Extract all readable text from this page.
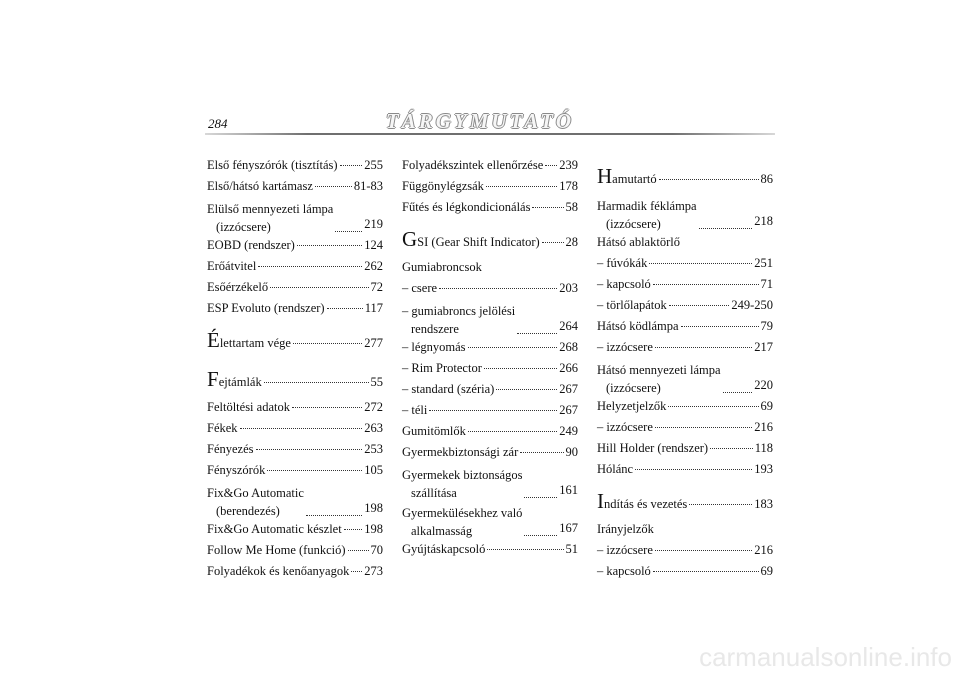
284	TÁRGYMUTATÓ
Első fényszórók (tisztítás) 255
Első/hátsó kartámasz	81-83
Elülső mennyezeti lámpa
(izzócsere)	219
EOBD (rendszer)	124
Erőátvitel	262
Esőérzékelő	72
ESP Evoluto (rendszer)	117
Élettartam vége	277
Fejtámlák	55
Feltöltési adatok	272
Fékek	263
Fényezés	253
Fényszórók	105
Fix&Go Automatic
(berendezés)	198
Fix&Go Automatic készlet 198
Follow Me Home (funkció) 70
Folyadékok és kenőanyagok 273
Folyadékszintek ellenőrzése 239
Függönylégzsák	178
Fűtés és légkondicionálás	58
GSI (Gear Shift Indicator) 28
Gumiabroncsok
– csere	203
– gumiabroncs jelölési
rendszere	264
– légnyomás	268
– Rim Protector	266
– standard (széria)	267
– téli	267
Gumitömlők	249
Gyermekbiztonsági zár	90
Gyermekek biztonságos
szállítása	161
Gyermekülésekhez való
alkalmasság	167
Gyújtáskapcsoló	51
Hamutartó	86
Harmadik féklámpa
(izzócsere)	218
Hátsó ablaktörlő
– fúvókák	251
– kapcsoló	71
– törlőlapátok	249-250
Hátsó ködlámpa	79
– izzócsere	217
Hátsó mennyezeti lámpa
(izzócsere)	220
Helyzetjelzők	69
– izzócsere	216
Hill Holder (rendszer)	118
Hólánc	193
Indítás és vezetés	183
Irányjelzők
– izzócsere	216
– kapcsoló	69
carmanualsonline.info
